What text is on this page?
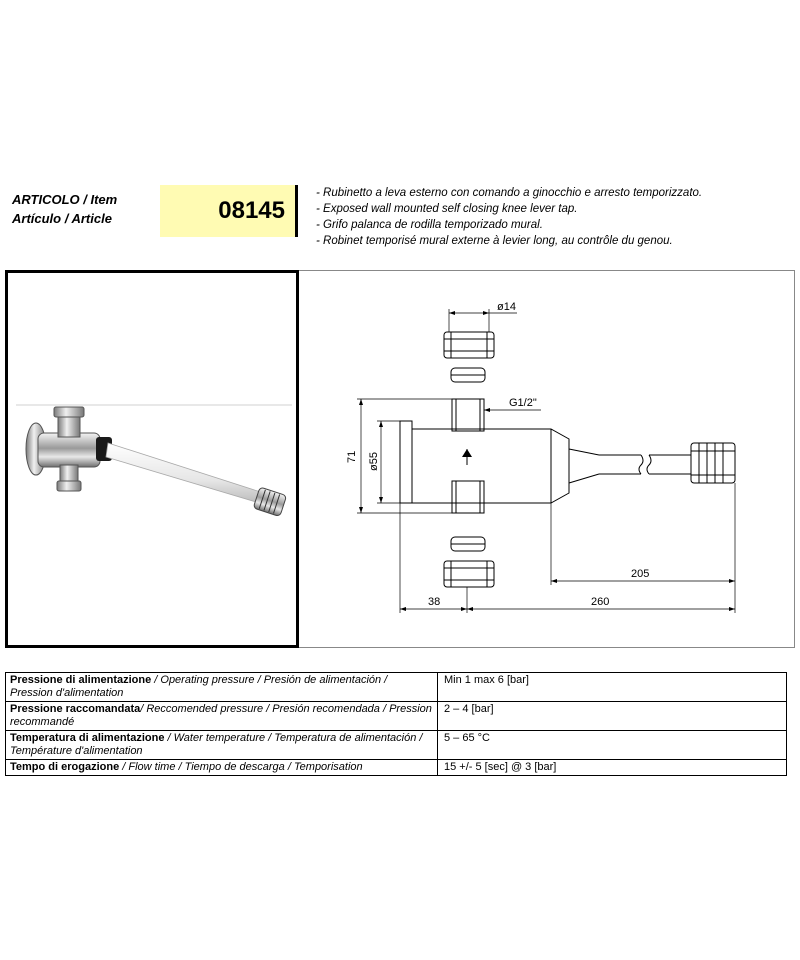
ARTICOLO / Item
Artículo / Article	08145
- Rubinetto a leva esterno con comando a ginocchio e arresto temporizzato.
- Exposed wall mounted self closing knee lever tap.
- Grifo palanca de rodilla temporizado mural.
- Robinet temporisé mural externe à levier long, au contrôle du genou.
ø14
G1/2"
71 ø55
205
38	260
Pressione di alimentazione / Operating pressure / Presión de alimentación / Pression d'alimentation	Min 1 max 6 [bar]
Pressione raccomandata/ Reccomended pressure / Presión recomendada / Pression recommandé	2 – 4 [bar]
Temperatura di alimentazione / Water temperature / Temperatura de alimentación / Température d'alimentation	5 – 65 °C
Tempo di erogazione / Flow time / Tiempo de descarga / Temporisation	15 +/- 5 [sec] @ 3 [bar]
